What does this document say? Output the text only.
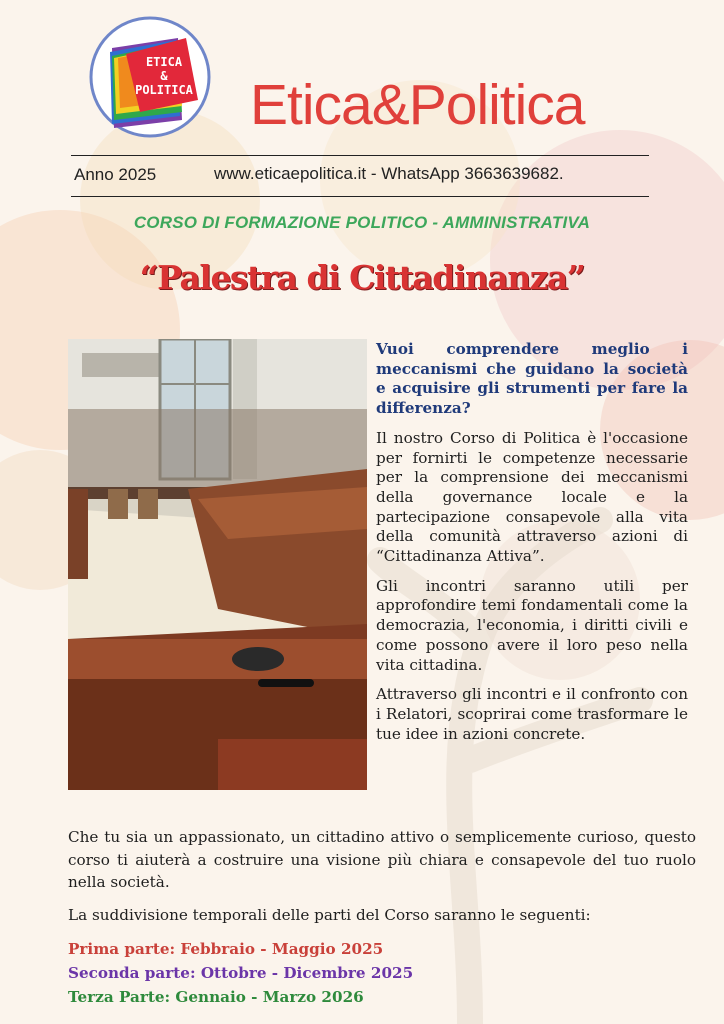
ETICA
&
POLITICA Etica&Politica
Anno 2025	www.eticaepolitica.it - WhatsApp 3663639682.
CORSO DI FORMAZIONE POLITICO - AMMINISTRATIVA
“Palestra di Cittadinanza”

Vuoi comprendere meglio i meccanismi che guidano la società e acquisire gli strumenti per fare la differenza?

Il nostro Corso di Politica è l'occasione per fornirti le competenze necessarie per la comprensione dei meccanismi della governance locale e la partecipazione consapevole alla vita della comunità attraverso azioni di “Cittadinanza Attiva”.

Gli incontri saranno utili per approfondire temi fondamentali come la democrazia, l'economia, i diritti civili e come possono avere il loro peso nella vita cittadina.

Attraverso gli incontri e il confronto con i Relatori, scoprirai come trasformare le tue idee in azioni concrete.

Che tu sia un appassionato, un cittadino attivo o semplicemente curioso, questo corso ti aiuterà a costruire una visione più chiara e consapevole del tuo ruolo nella società.

La suddivisione temporali delle parti del Corso saranno le seguenti:
Prima parte: Febbraio - Maggio 2025
Seconda parte: Ottobre - Dicembre 2025
Terza Parte: Gennaio - Marzo 2026
